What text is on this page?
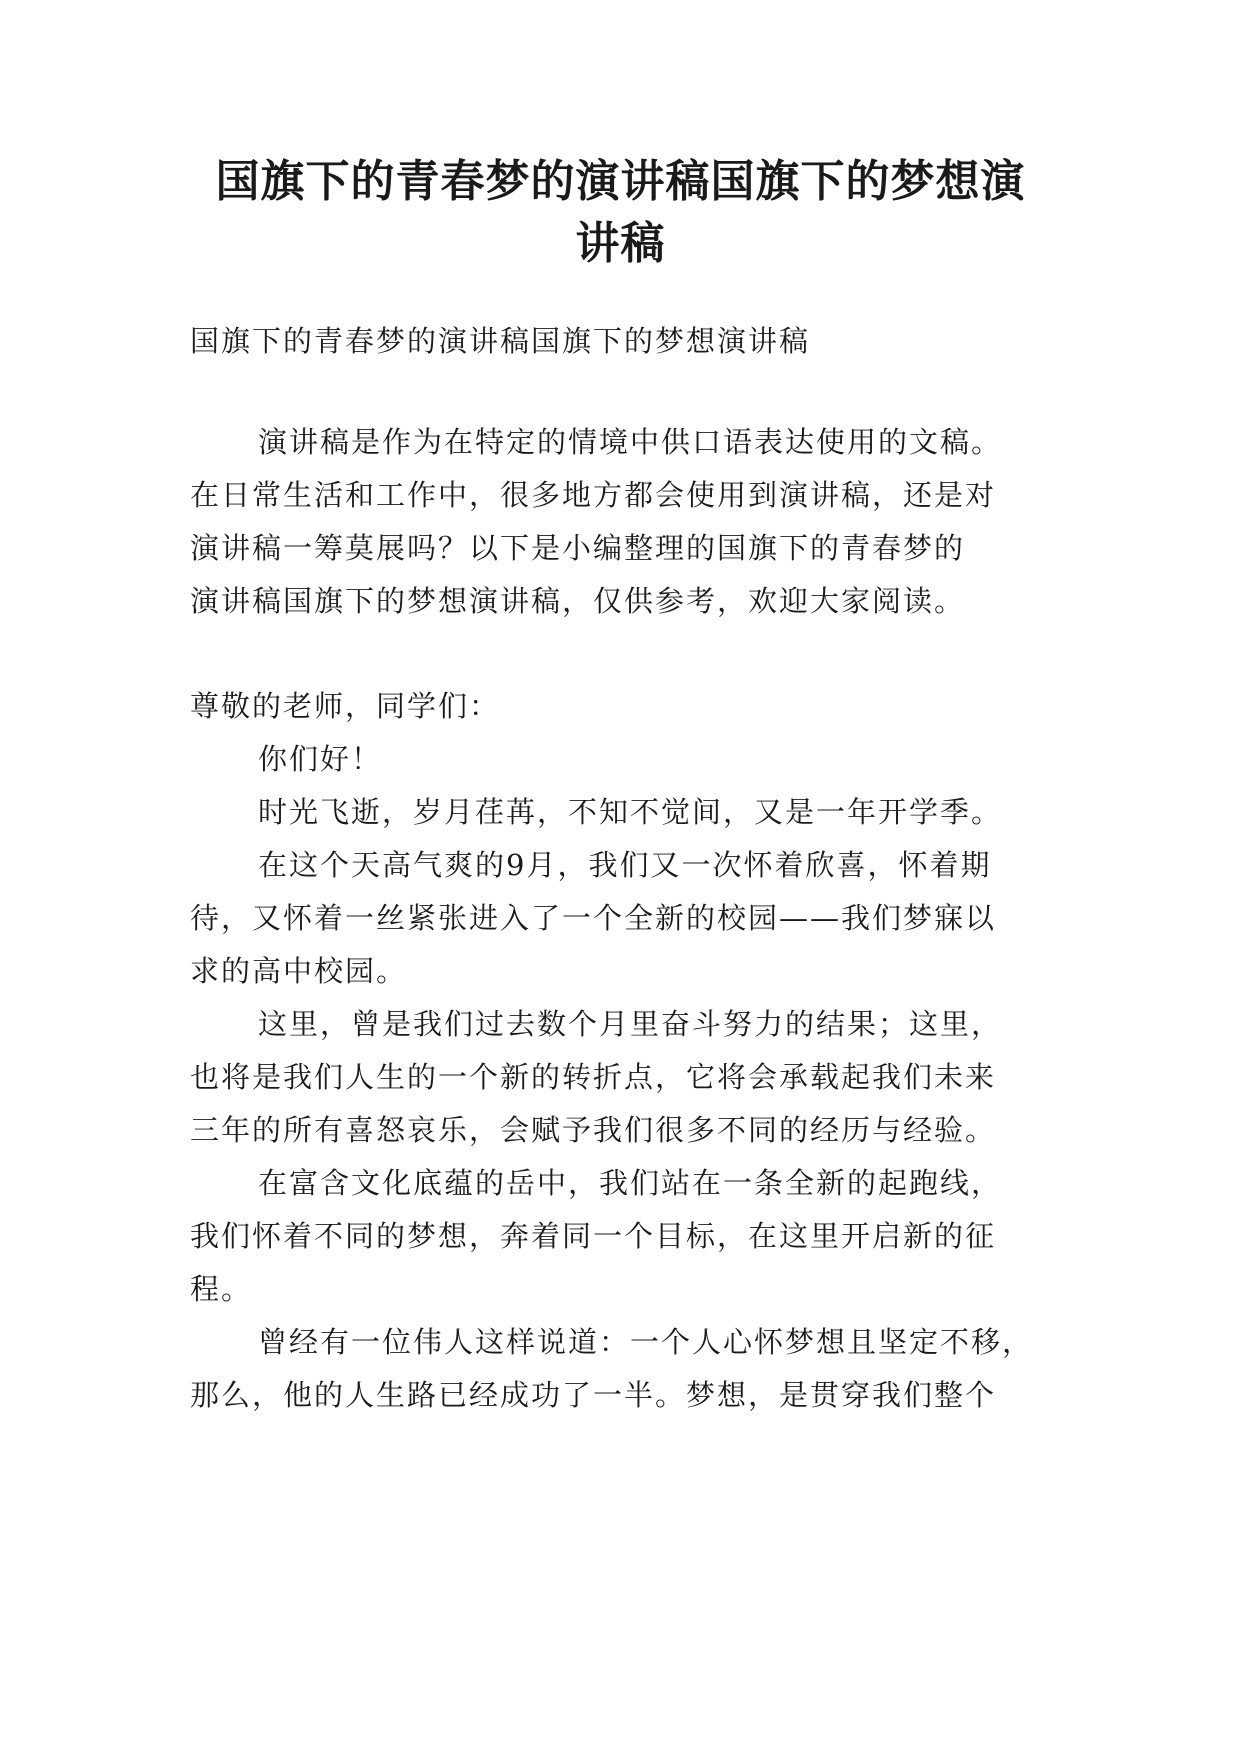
国旗下的青春梦的演讲稿国旗下的梦想演
讲稿

国旗下的青春梦的演讲稿国旗下的梦想演讲稿

演讲稿是作为在特定的情境中供口语表达使用的文稿。

在日常生活和工作中，很多地方都会使用到演讲稿，还是对

演讲稿一筹莫展吗？以下是小编整理的国旗下的青春梦的

演讲稿国旗下的梦想演讲稿，仅供参考，欢迎大家阅读。

尊敬的老师，同学们：

你们好！

时光飞逝，岁月荏苒，不知不觉间，又是一年开学季。

在这个天高气爽的9月，我们又一次怀着欣喜，怀着期

待，又怀着一丝紧张进入了一个全新的校园——我们梦寐以

求的高中校园。

这里，曾是我们过去数个月里奋斗努力的结果；这里，

也将是我们人生的一个新的转折点，它将会承载起我们未来

三年的所有喜怒哀乐，会赋予我们很多不同的经历与经验。

在富含文化底蕴的岳中，我们站在一条全新的起跑线，

我们怀着不同的梦想，奔着同一个目标，在这里开启新的征

程。

曾经有一位伟人这样说道：一个人心怀梦想且坚定不移，

那么，他的人生路已经成功了一半。梦想，是贯穿我们整个
